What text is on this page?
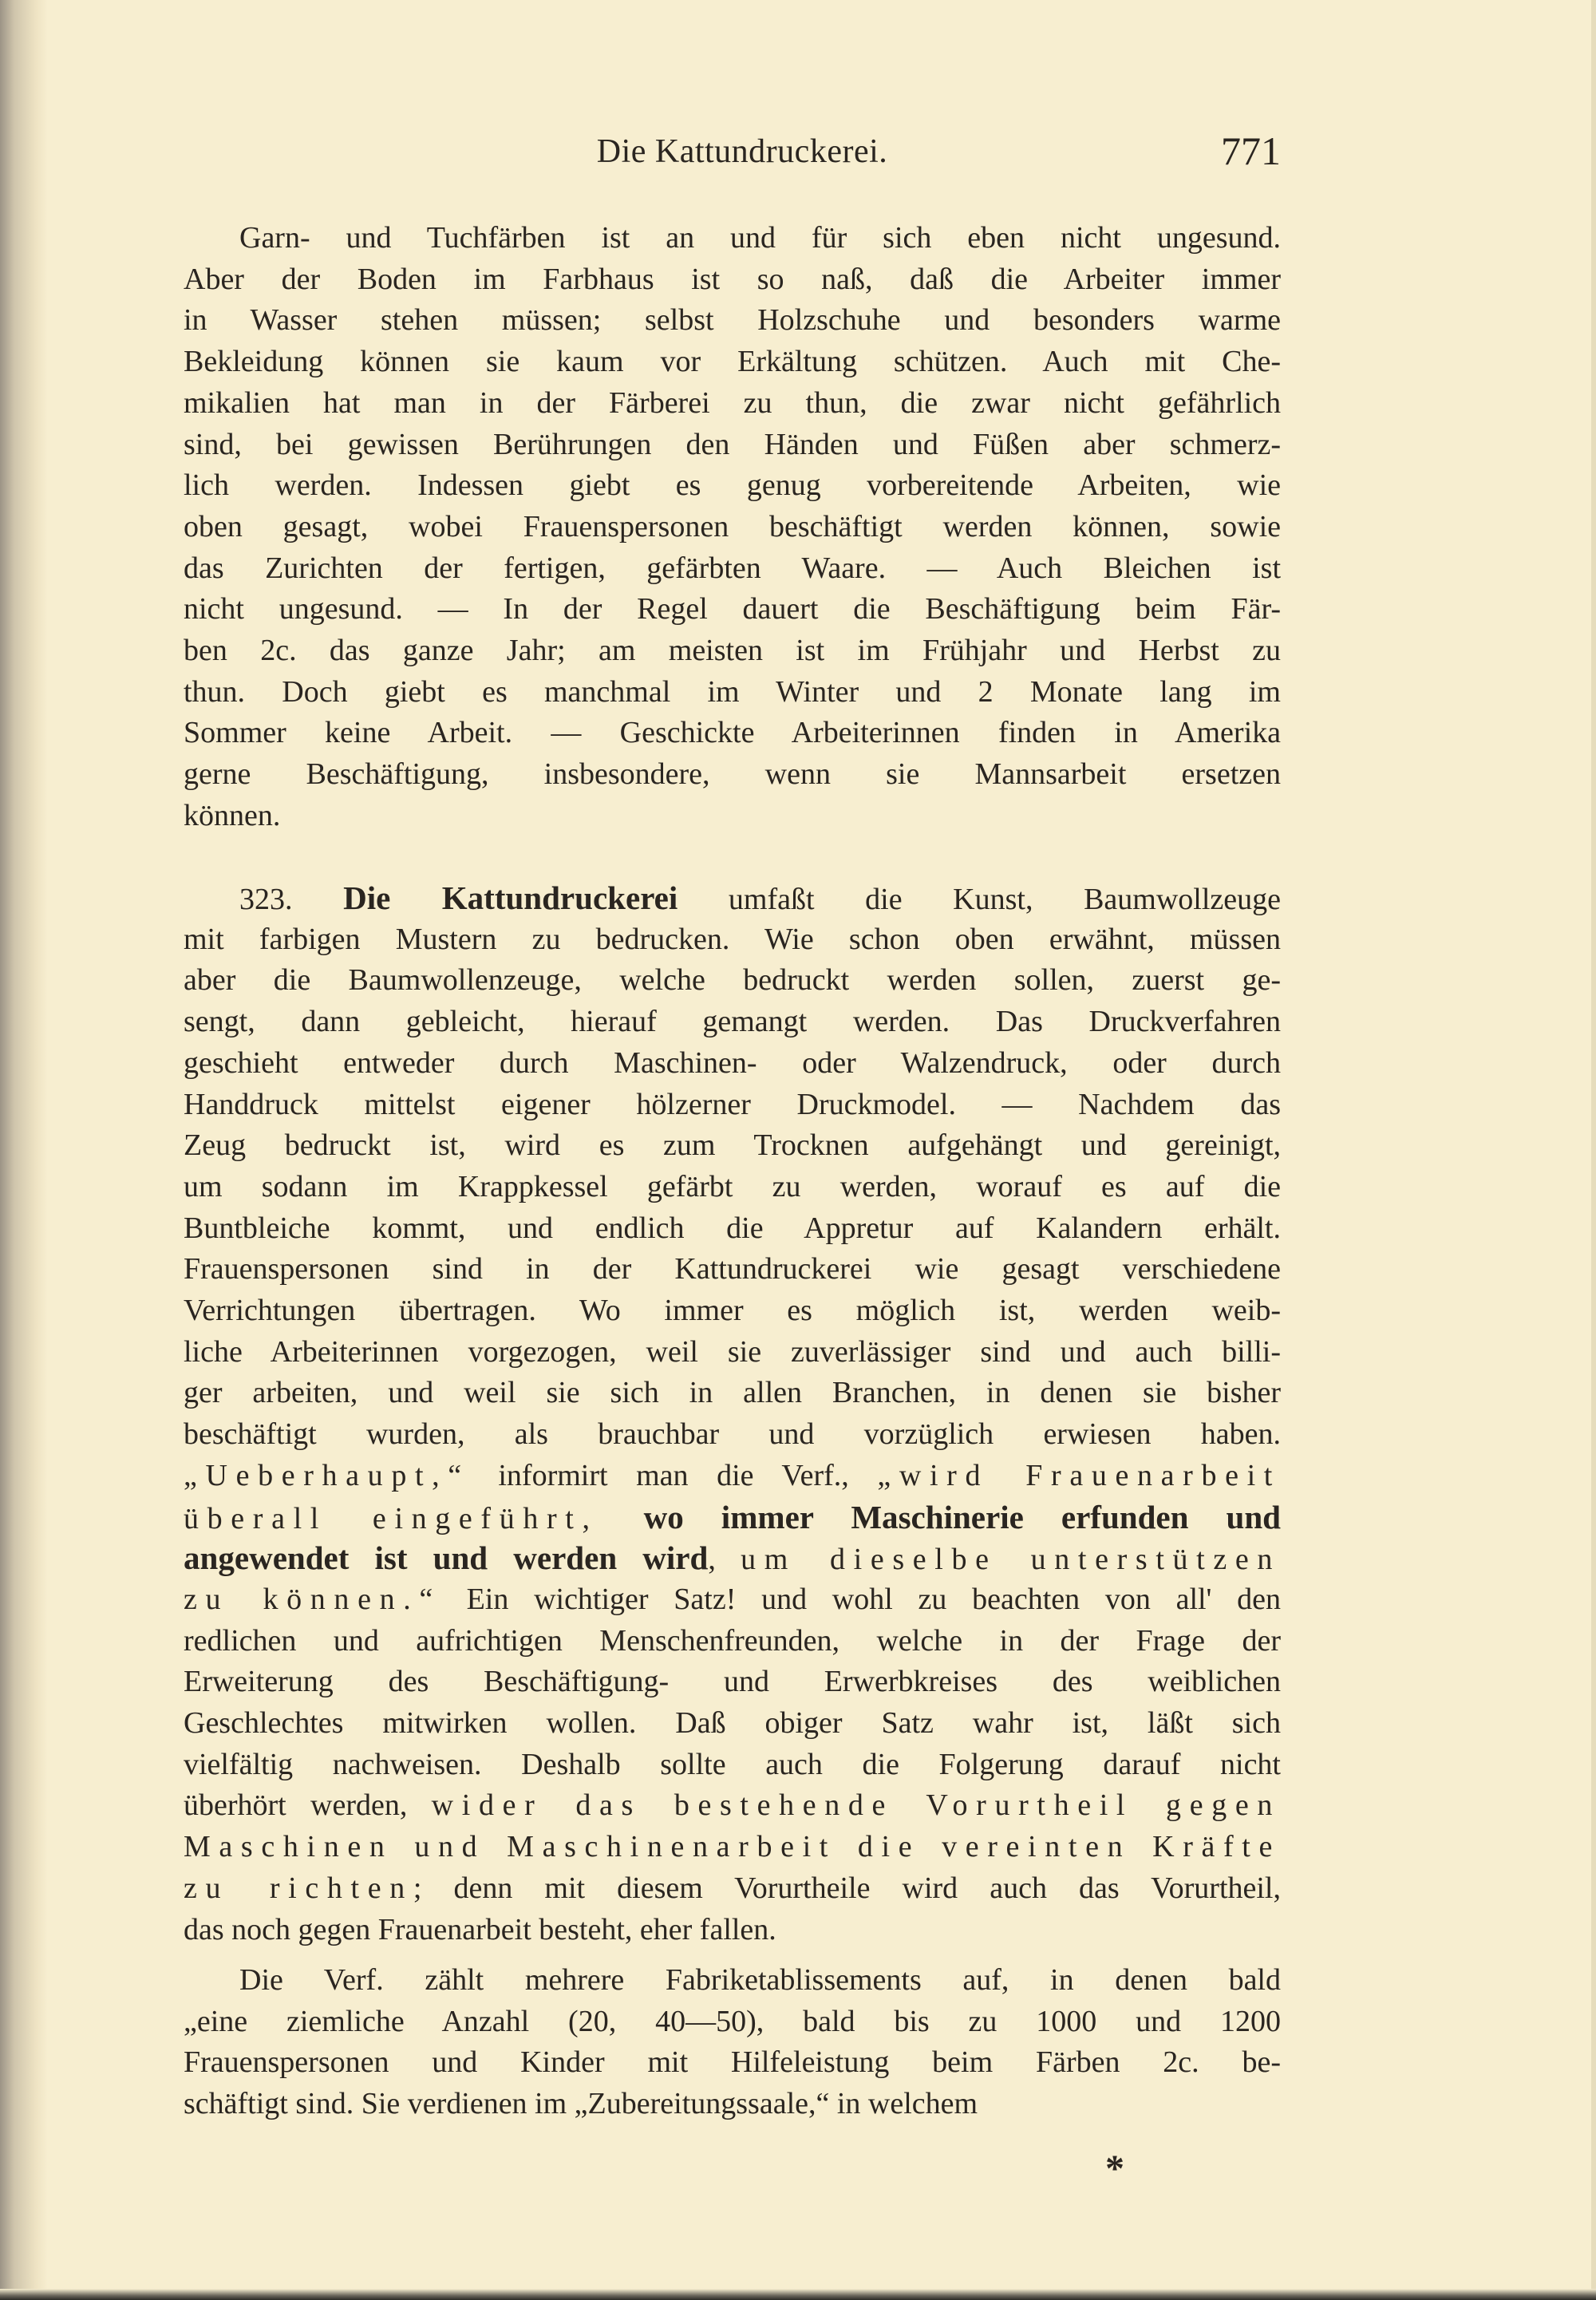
Die Kattundruckerei.	771
Garn- und Tuchfärben ist an und für sich eben nicht ungesund.
Aber der Boden im Farbhaus ist so naß, daß die Arbeiter immer
in Wasser stehen müssen; selbst Holzschuhe und besonders warme
Bekleidung können sie kaum vor Erkältung schützen. Auch mit Che-
mikalien hat man in der Färberei zu thun, die zwar nicht gefährlich
sind, bei gewissen Berührungen den Händen und Füßen aber schmerz-
lich werden. Indessen giebt es genug vorbereitende Arbeiten, wie
oben gesagt, wobei Frauenspersonen beschäftigt werden können, sowie
das Zurichten der fertigen, gefärbten Waare. — Auch Bleichen ist
nicht ungesund. — In der Regel dauert die Beschäftigung beim Fär-
ben 2c. das ganze Jahr; am meisten ist im Frühjahr und Herbst zu
thun. Doch giebt es manchmal im Winter und 2 Monate lang im
Sommer keine Arbeit. — Geschickte Arbeiterinnen finden in Amerika
gerne Beschäftigung, insbesondere, wenn sie Mannsarbeit ersetzen
können.
323. Die Kattundruckerei umfaßt die Kunst, Baumwollzeuge
mit farbigen Mustern zu bedrucken. Wie schon oben erwähnt, müssen
aber die Baumwollenzeuge, welche bedruckt werden sollen, zuerst ge-
sengt, dann gebleicht, hierauf gemangt werden. Das Druckverfahren
geschieht entweder durch Maschinen- oder Walzendruck, oder durch
Handdruck mittelst eigener hölzerner Druckmodel. — Nachdem das
Zeug bedruckt ist, wird es zum Trocknen aufgehängt und gereinigt,
um sodann im Krappkessel gefärbt zu werden, worauf es auf die
Buntbleiche kommt, und endlich die Appretur auf Kalandern erhält.
Frauenspersonen sind in der Kattundruckerei wie gesagt verschiedene
Verrichtungen übertragen. Wo immer es möglich ist, werden weib-
liche Arbeiterinnen vorgezogen, weil sie zuverlässiger sind und auch billi-
ger arbeiten, und weil sie sich in allen Branchen, in denen sie bisher
beschäftigt wurden, als brauchbar und vorzüglich erwiesen haben.
„Ueberhaupt,“ informirt man die Verf., „wird Frauenarbeit
überall eingeführt, wo immer Maschinerie erfunden und
angewendet ist und werden wird, um dieselbe unterstützen
zu können.“ Ein wichtiger Satz! und wohl zu beachten von all' den
redlichen und aufrichtigen Menschenfreunden, welche in der Frage der
Erweiterung des Beschäftigung- und Erwerbkreises des weiblichen
Geschlechtes mitwirken wollen. Daß obiger Satz wahr ist, läßt sich
vielfältig nachweisen. Deshalb sollte auch die Folgerung darauf nicht
überhört werden, wider das bestehende Vorurtheil gegen
Maschinen und Maschinenarbeit die vereinten Kräfte
zu richten; denn mit diesem Vorurtheile wird auch das Vorurtheil,
das noch gegen Frauenarbeit besteht, eher fallen.
Die Verf. zählt mehrere Fabriketablissements auf, in denen bald
„eine ziemliche Anzahl (20, 40—50), bald bis zu 1000 und 1200
Frauenspersonen und Kinder mit Hilfeleistung beim Färben 2c. be-
schäftigt sind. Sie verdienen im „Zubereitungssaale,“ in welchem
*
